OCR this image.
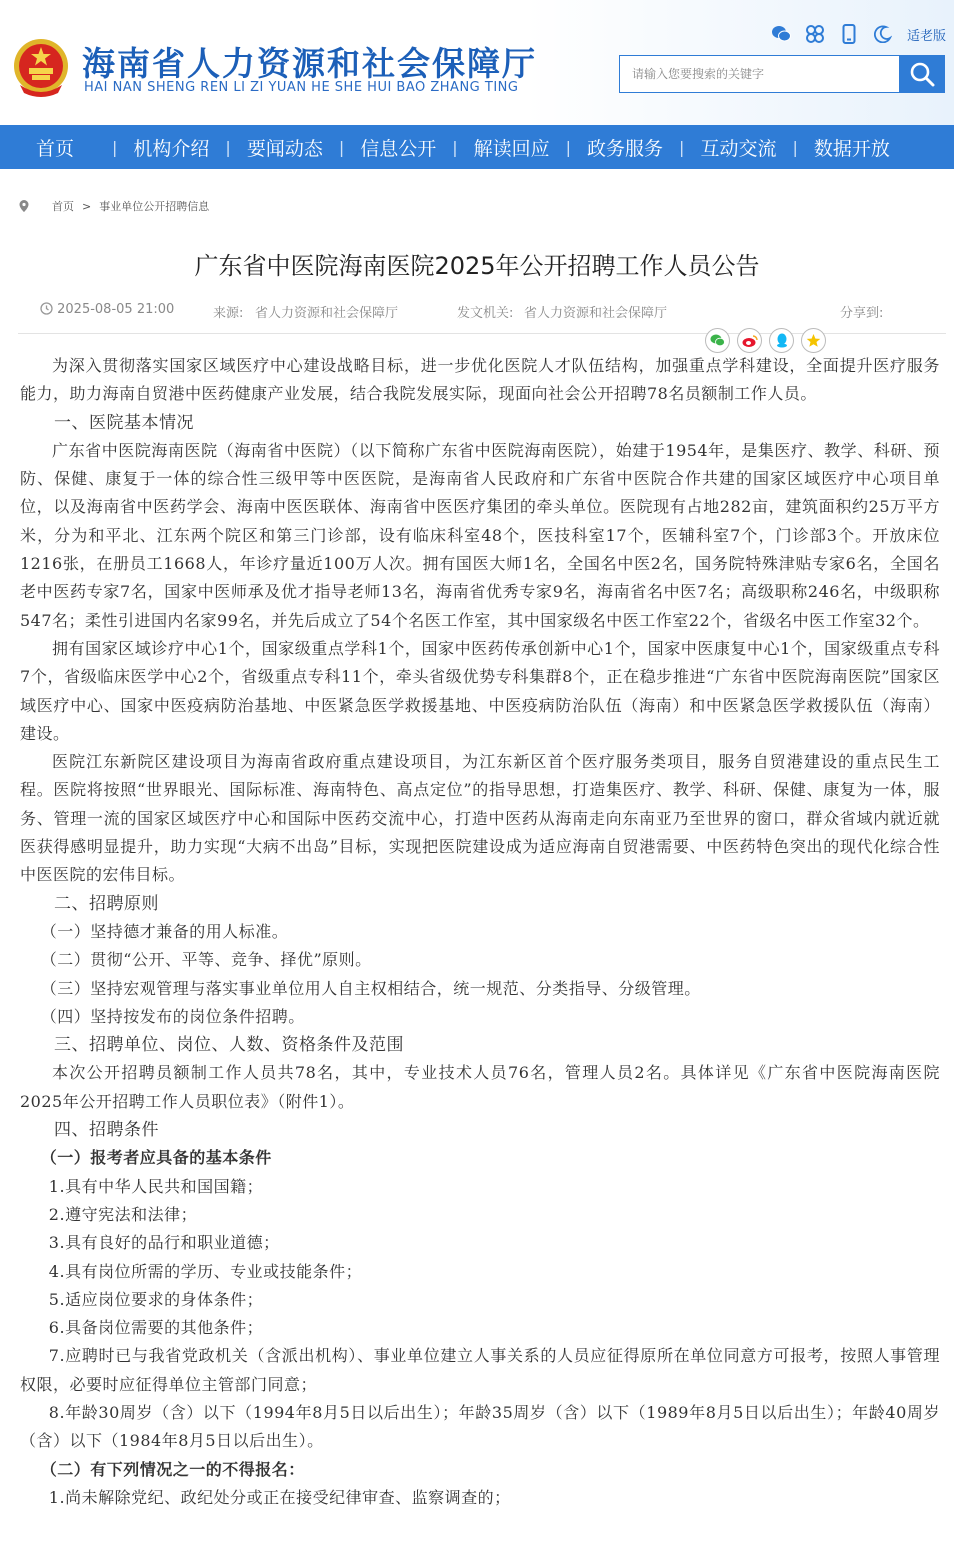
海南省人力资源和社会保障厅
HAI NAN SHENG REN LI ZI YUAN HE SHE HUI BAO ZHANG TING
适老版
请输入您要搜索的关键字
首页 | 机构介绍 | 要闻动态 | 信息公开 | 解读回应 | 政务服务 | 互动交流 | 数据开放
首页 > 事业单位公开招聘信息
广东省中医院海南医院2025年公开招聘工作人员公告
2025-08-05 21:00	来源: 省人力资源和社会保障厅	发文机关: 省人力资源和社会保障厅	分享到:

为深入贯彻落实国家区域医疗中心建设战略目标，进一步优化医院人才队伍结构，加强重点学科建设，全面提升医疗服务能力，助力海南自贸港中医药健康产业发展，结合我院发展实际，现面向社会公开招聘78名员额制工作人员。

一、医院基本情况

广东省中医院海南医院（海南省中医院）（以下简称广东省中医院海南医院），始建于1954年，是集医疗、教学、科研、预防、保健、康复于一体的综合性三级甲等中医医院，是海南省人民政府和广东省中医院合作共建的国家区域医疗中心项目单位，以及海南省中医药学会、海南中医医联体、海南省中医医疗集团的牵头单位。医院现有占地282亩，建筑面积约25万平方米，分为和平北、江东两个院区和第三门诊部，设有临床科室48个，医技科室17个，医辅科室7个，门诊部3个。开放床位1216张，在册员工1668人，年诊疗量近100万人次。拥有国医大师1名，全国名中医2名，国务院特殊津贴专家6名，全国名老中医药专家7名，国家中医师承及优才指导老师13名，海南省优秀专家9名，海南省名中医7名；高级职称246名，中级职称547名；柔性引进国内名家99名，并先后成立了54个名医工作室，其中国家级名中医工作室22个，省级名中医工作室32个。

拥有国家区域诊疗中心1个，国家级重点学科1个，国家中医药传承创新中心1个，国家中医康复中心1个，国家级重点专科7个，省级临床医学中心2个，省级重点专科11个，牵头省级优势专科集群8个，正在稳步推进“广东省中医院海南医院”国家区域医疗中心、国家中医疫病防治基地、中医紧急医学救援基地、中医疫病防治队伍（海南）和中医紧急医学救援队伍（海南）建设。

医院江东新院区建设项目为海南省政府重点建设项目，为江东新区首个医疗服务类项目，服务自贸港建设的重点民生工程。医院将按照“世界眼光、国际标准、海南特色、高点定位”的指导思想，打造集医疗、教学、科研、保健、康复为一体，服务、管理一流的国家区域医疗中心和国际中医药交流中心，打造中医药从海南走向东南亚乃至世界的窗口，群众省域内就近就医获得感明显提升，助力实现“大病不出岛”目标，实现把医院建设成为适应海南自贸港需要、中医药特色突出的现代化综合性中医医院的宏伟目标。

二、招聘原则

（一）坚持德才兼备的用人标准。

（二）贯彻“公开、平等、竞争、择优”原则。

（三）坚持宏观管理与落实事业单位用人自主权相结合，统一规范、分类指导、分级管理。

（四）坚持按发布的岗位条件招聘。

三、招聘单位、岗位、人数、资格条件及范围

本次公开招聘员额制工作人员共78名，其中，专业技术人员76名，管理人员2名。具体详见《广东省中医院海南医院2025年公开招聘工作人员职位表》（附件1）。

四、招聘条件

（一）报考者应具备的基本条件

1.具有中华人民共和国国籍；

2.遵守宪法和法律；

3.具有良好的品行和职业道德；

4.具有岗位所需的学历、专业或技能条件；

5.适应岗位要求的身体条件；

6.具备岗位需要的其他条件；

7.应聘时已与我省党政机关（含派出机构）、事业单位建立人事关系的人员应征得原所在单位同意方可报考，按照人事管理权限，必要时应征得单位主管部门同意；

8.年龄30周岁（含）以下（1994年8月5日以后出生）；年龄35周岁（含）以下（1989年8月5日以后出生）；年龄40周岁（含）以下（1984年8月5日以后出生）。

（二）有下列情况之一的不得报名：

1.尚未解除党纪、政纪处分或正在接受纪律审查、监察调查的；
